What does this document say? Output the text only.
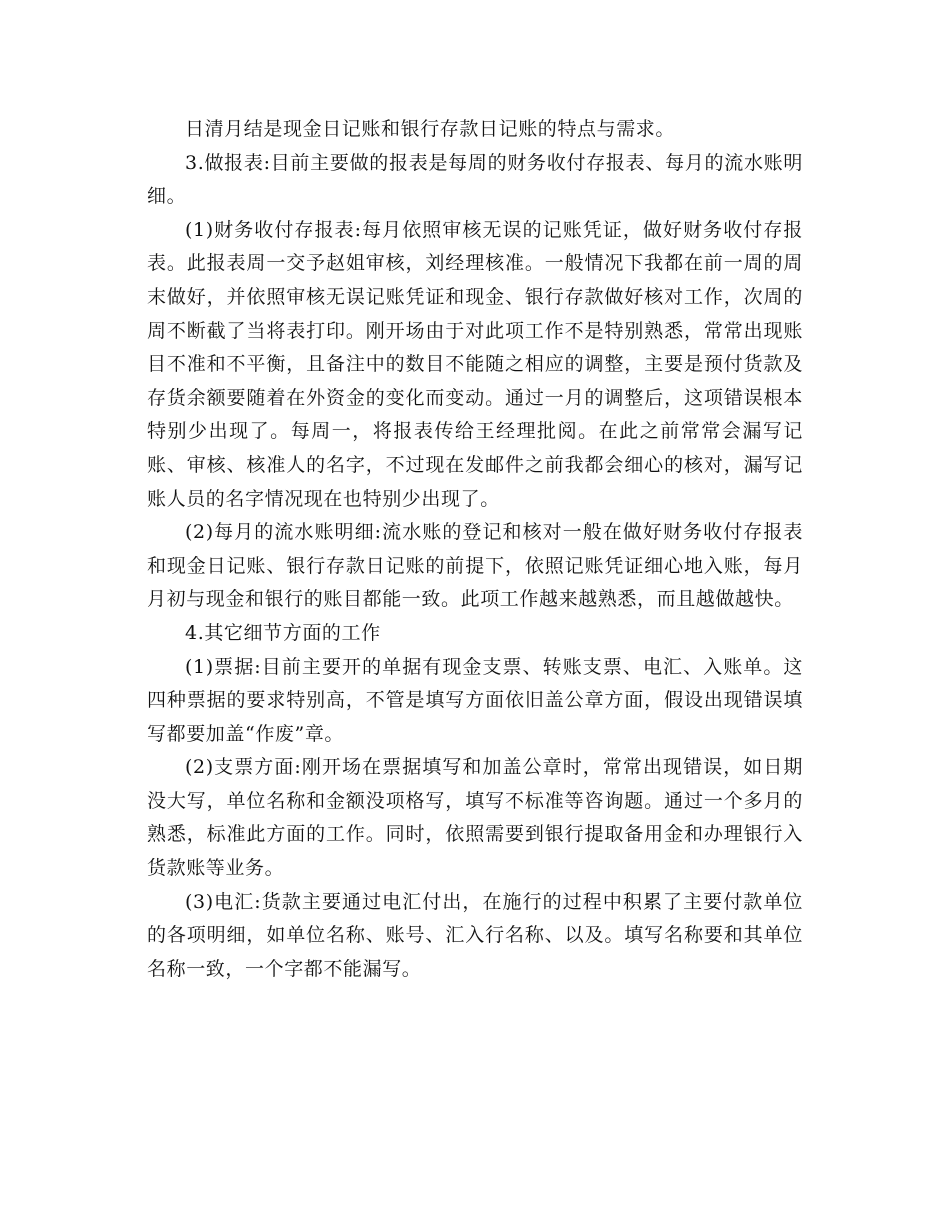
日清月结是现金日记账和银行存款日记账的特点与需求。

3.做报表:目前主要做的报表是每周的财务收付存报表、每月的流水账明细。

(1)财务收付存报表:每月依照审核无误的记账凭证，做好财务收付存报表。此报表周一交予赵姐审核，刘经理核准。一般情况下我都在前一周的周末做好，并依照审核无误记账凭证和现金、银行存款做好核对工作，次周的周不断截了当将表打印。刚开场由于对此项工作不是特别熟悉，常常出现账目不准和不平衡，且备注中的数目不能随之相应的调整，主要是预付货款及存货余额要随着在外资金的变化而变动。通过一月的调整后，这项错误根本特别少出现了。每周一，将报表传给王经理批阅。在此之前常常会漏写记账、审核、核准人的名字，不过现在发邮件之前我都会细心的核对，漏写记账人员的名字情况现在也特别少出现了。

(2)每月的流水账明细:流水账的登记和核对一般在做好财务收付存报表和现金日记账、银行存款日记账的前提下，依照记账凭证细心地入账，每月月初与现金和银行的账目都能一致。此项工作越来越熟悉，而且越做越快。

4.其它细节方面的工作

(1)票据:目前主要开的单据有现金支票、转账支票、电汇、入账单。这四种票据的要求特别高，不管是填写方面依旧盖公章方面，假设出现错误填写都要加盖“作废”章。

(2)支票方面:刚开场在票据填写和加盖公章时，常常出现错误，如日期没大写，单位名称和金额没项格写，填写不标准等咨询题。通过一个多月的熟悉，标准此方面的工作。同时，依照需要到银行提取备用金和办理银行入货款账等业务。

(3)电汇:货款主要通过电汇付出，在施行的过程中积累了主要付款单位的各项明细，如单位名称、账号、汇入行名称、以及。填写名称要和其单位名称一致，一个字都不能漏写。
